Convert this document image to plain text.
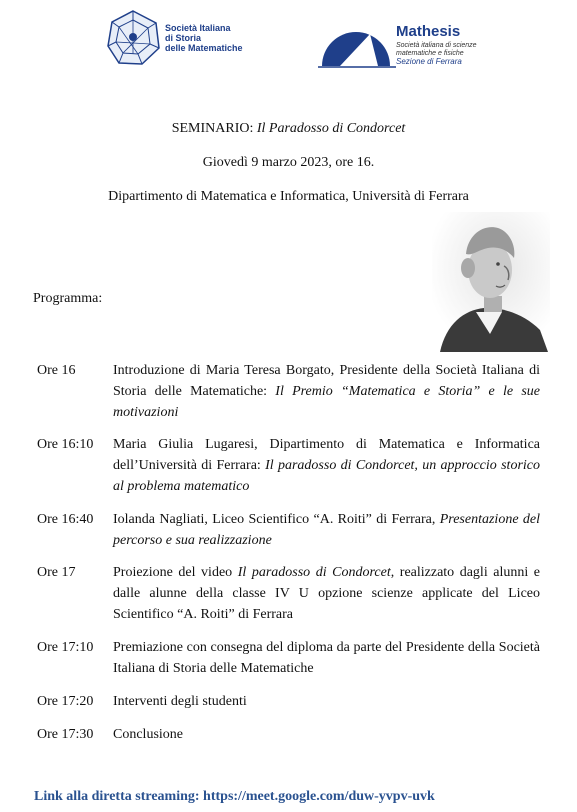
Società Italiana
di Storia
delle Matematiche
Mathesis
Società italiana di scienze
matematiche e fisiche
Sezione di Ferrara
SEMINARIO: Il Paradosso di Condorcet
Giovedì 9 marzo 2023, ore 16.
Dipartimento di Matematica e Informatica, Università di Ferrara
Programma:
Ore 16	Introduzione di Maria Teresa Borgato, Presidente della Società Italiana di Storia delle Matematiche: Il Premio “Matematica e Storia” e le sue motivazioni
Ore 16:10	Maria Giulia Lugaresi, Dipartimento di Matematica e Informatica dell’Università di Ferrara: Il paradosso di Condorcet, un approccio storico al problema matematico
Ore 16:40	Iolanda Nagliati, Liceo Scientifico “A. Roiti” di Ferrara, Presentazione del percorso e sua realizzazione
Ore 17	Proiezione del video Il paradosso di Condorcet, realizzato dagli alunni e dalle alunne della classe IV U opzione scienze applicate del Liceo Scientifico “A. Roiti” di Ferrara
Ore 17:10	Premiazione con consegna del diploma da parte del Presidente della Società Italiana di Storia delle Matematiche
Ore 17:20	Interventi degli studenti
Ore 17:30	Conclusione
Link alla diretta streaming: https://meet.google.com/duw-yvpv-uvk
